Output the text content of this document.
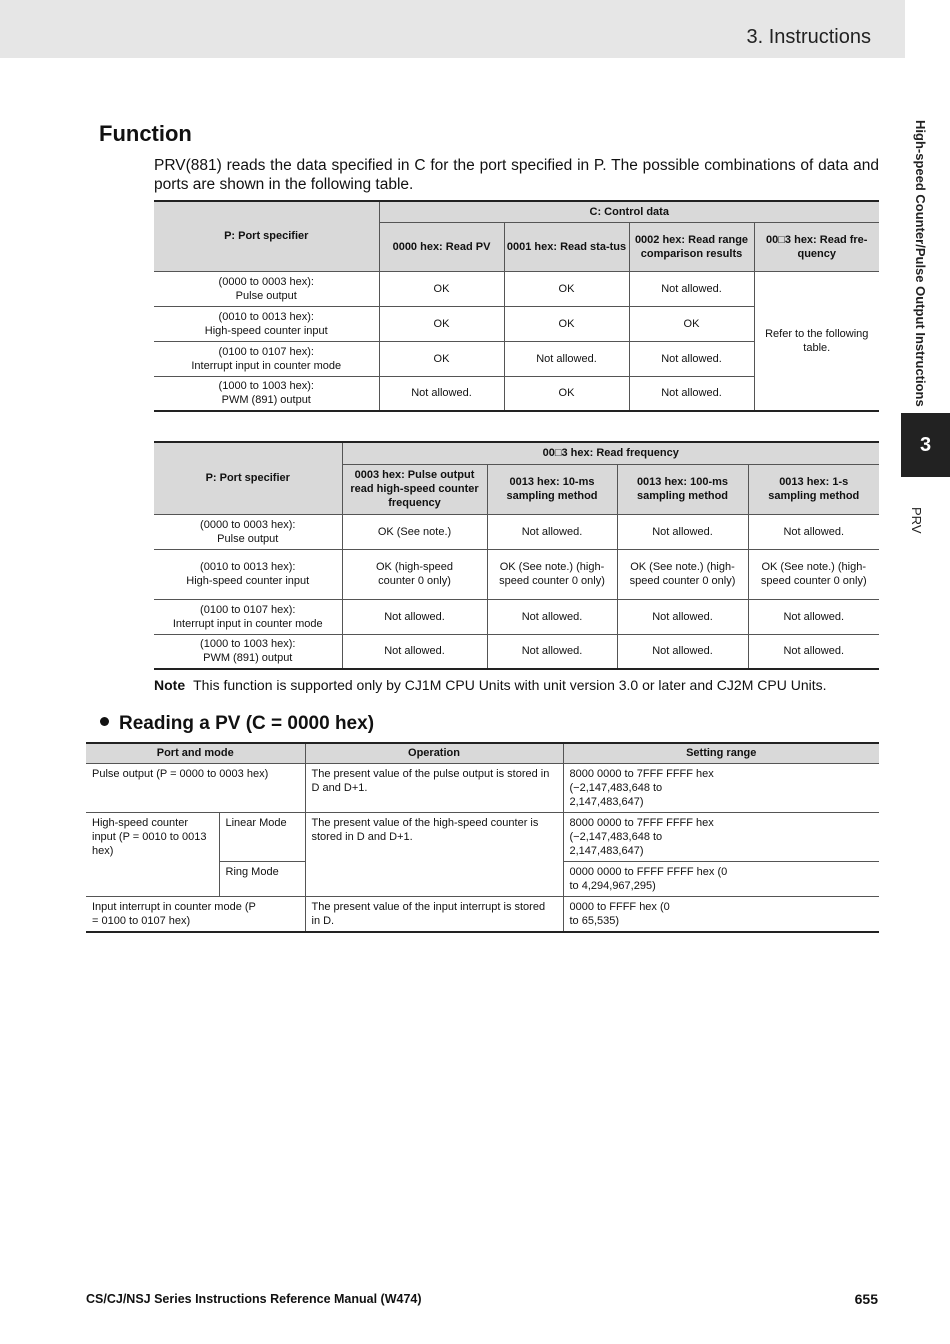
3. Instructions
High-speed Counter/Pulse Output Instructions
3
PRV
Function
PRV(881) reads the data specified in C for the port specified in P. The possible combinations of data and ports are shown in the following table.
P: Port specifier	C: Control data			
	0000 hex: Read PV	0001 hex: Read sta-tus	0002 hex: Read range comparison results	00□3 hex: Read fre-quency
(0000 to 0003 hex):
Pulse output	OK	OK	Not allowed.	Refer to the following table.
(0010 to 0013 hex):
High-speed counter input	OK	OK	OK	
(0100 to 0107 hex):
Interrupt input in counter mode	OK	Not allowed.	Not allowed.	
(1000 to 1003 hex):
PWM (891) output	Not allowed.	OK	Not allowed.	
P: Port specifier	00□3 hex: Read frequency			
	0003 hex: Pulse output read high-speed counter frequency	0013 hex: 10-ms sampling method	0013 hex: 100-ms sampling method	0013 hex: 1-s sampling method
(0000 to 0003 hex):
Pulse output	OK (See note.)	Not allowed.	Not allowed.	Not allowed.
(0010 to 0013 hex):
High-speed counter input	OK (high-speed counter 0 only)	OK (See note.) (high-speed counter 0 only)	OK (See note.) (high-speed counter 0 only)	OK (See note.) (high-speed counter 0 only)
(0100 to 0107 hex):
Interrupt input in counter mode	Not allowed.	Not allowed.	Not allowed.	Not allowed.
(1000 to 1003 hex):
PWM (891) output	Not allowed.	Not allowed.	Not allowed.	Not allowed.
Note This function is supported only by CJ1M CPU Units with unit version 3.0 or later and CJ2M CPU Units.
Reading a PV (C = 0000 hex)
Port and mode		Operation	Setting range
Pulse output (P = 0000 to 0003 hex)		The present value of the pulse output is stored in D and D+1.	8000 0000 to 7FFF FFFF hex (−2,147,483,648 to 2,147,483,647)
High-speed counter input (P = 0010 to 0013 hex)	Linear Mode	The present value of the high-speed counter is stored in D and D+1.	8000 0000 to 7FFF FFFF hex (−2,147,483,648 to 2,147,483,647)
	Ring Mode		0000 0000 to FFFF FFFF hex (0 to 4,294,967,295)
Input interrupt in counter mode (P = 0100 to 0107 hex)		The present value of the input interrupt is stored in D.	0000 to FFFF hex (0 to 65,535)
CS/CJ/NSJ Series Instructions Reference Manual (W474)	655
